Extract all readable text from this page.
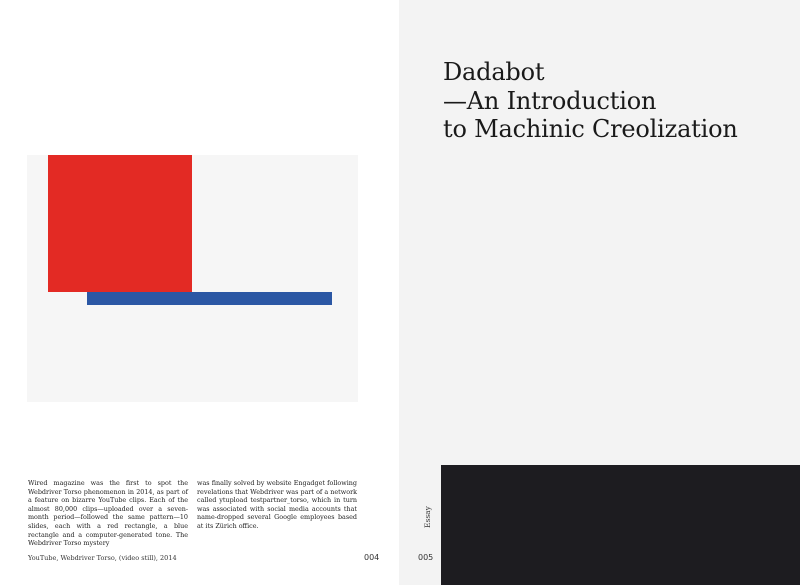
Wired magazine was the first to spot the Webdriver Torso phenomenon in 2014, as part of a feature on bizarre YouTube clips. Each of the almost 80,000 clips—uploaded over a seven-month period—followed the same pattern—10 slides, each with a red rectangle, a blue rectangle and a computer-generated tone. The Webdriver Torso mystery
was finally solved by website Engadget following revelations that Webdriver was part of a network called ytupload testpartner_torso, which in turn was associated with social media accounts that name-dropped several Google employees based at its Zürich office.
YouTube, Webdriver Torso, (video still), 2014	004
Dadabot
—An Introduction
to Machinic Creolization
Essay
005
